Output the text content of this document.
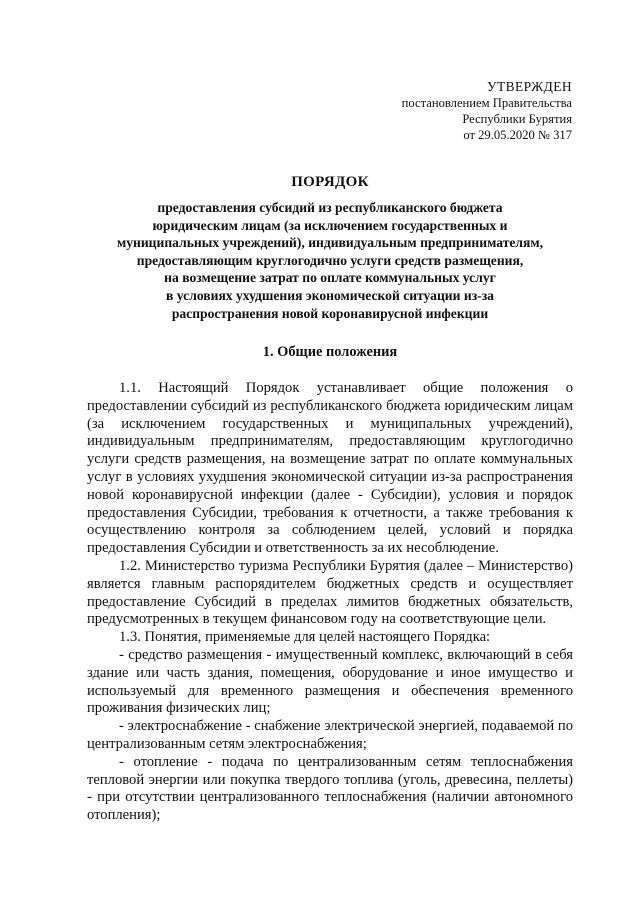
УТВЕРЖДЕН
постановлением Правительства
Республики Бурятия
от 29.05.2020 № 317
ПОРЯДОК
предоставления субсидий из республиканского бюджета
юридическим лицам (за исключением государственных и
муниципальных учреждений), индивидуальным предпринимателям,
предоставляющим круглогодично услуги средств размещения,
на возмещение затрат по оплате коммунальных услуг
в условиях ухудшения экономической ситуации из-за
распространения новой коронавирусной инфекции
1. Общие положения

1.1. Настоящий Порядок устанавливает общие положения о предоставлении субсидий из республиканского бюджета юридическим лицам (за исключением государственных и муниципальных учреждений), индивидуальным предпринимателям, предоставляющим круглогодично услуги средств размещения, на возмещение затрат по оплате коммунальных услуг в условиях ухудшения экономической ситуации из-за распространения новой коронавирусной инфекции (далее - Субсидии), условия и порядок предоставления Субсидии, требования к отчетности, а также требования к осуществлению контроля за соблюдением целей, условий и порядка предоставления Субсидии и ответственность за их несоблюдение.

1.2. Министерство туризма Республики Бурятия (далее – Министерство) является главным распорядителем бюджетных средств и осуществляет предоставление Субсидий в пределах лимитов бюджетных обязательств, предусмотренных в текущем финансовом году на соответствующие цели.

1.3. Понятия, применяемые для целей настоящего Порядка:

- средство размещения - имущественный комплекс, включающий в себя здание или часть здания, помещения, оборудование и иное имущество и используемый для временного размещения и обеспечения временного проживания физических лиц;

- электроснабжение - снабжение электрической энергией, подаваемой по централизованным сетям электроснабжения;

- отопление - подача по централизованным сетям теплоснабжения тепловой энергии или покупка твердого топлива (уголь, древесина, пеллеты) - при отсутствии централизованного теплоснабжения (наличии автономного отопления);
